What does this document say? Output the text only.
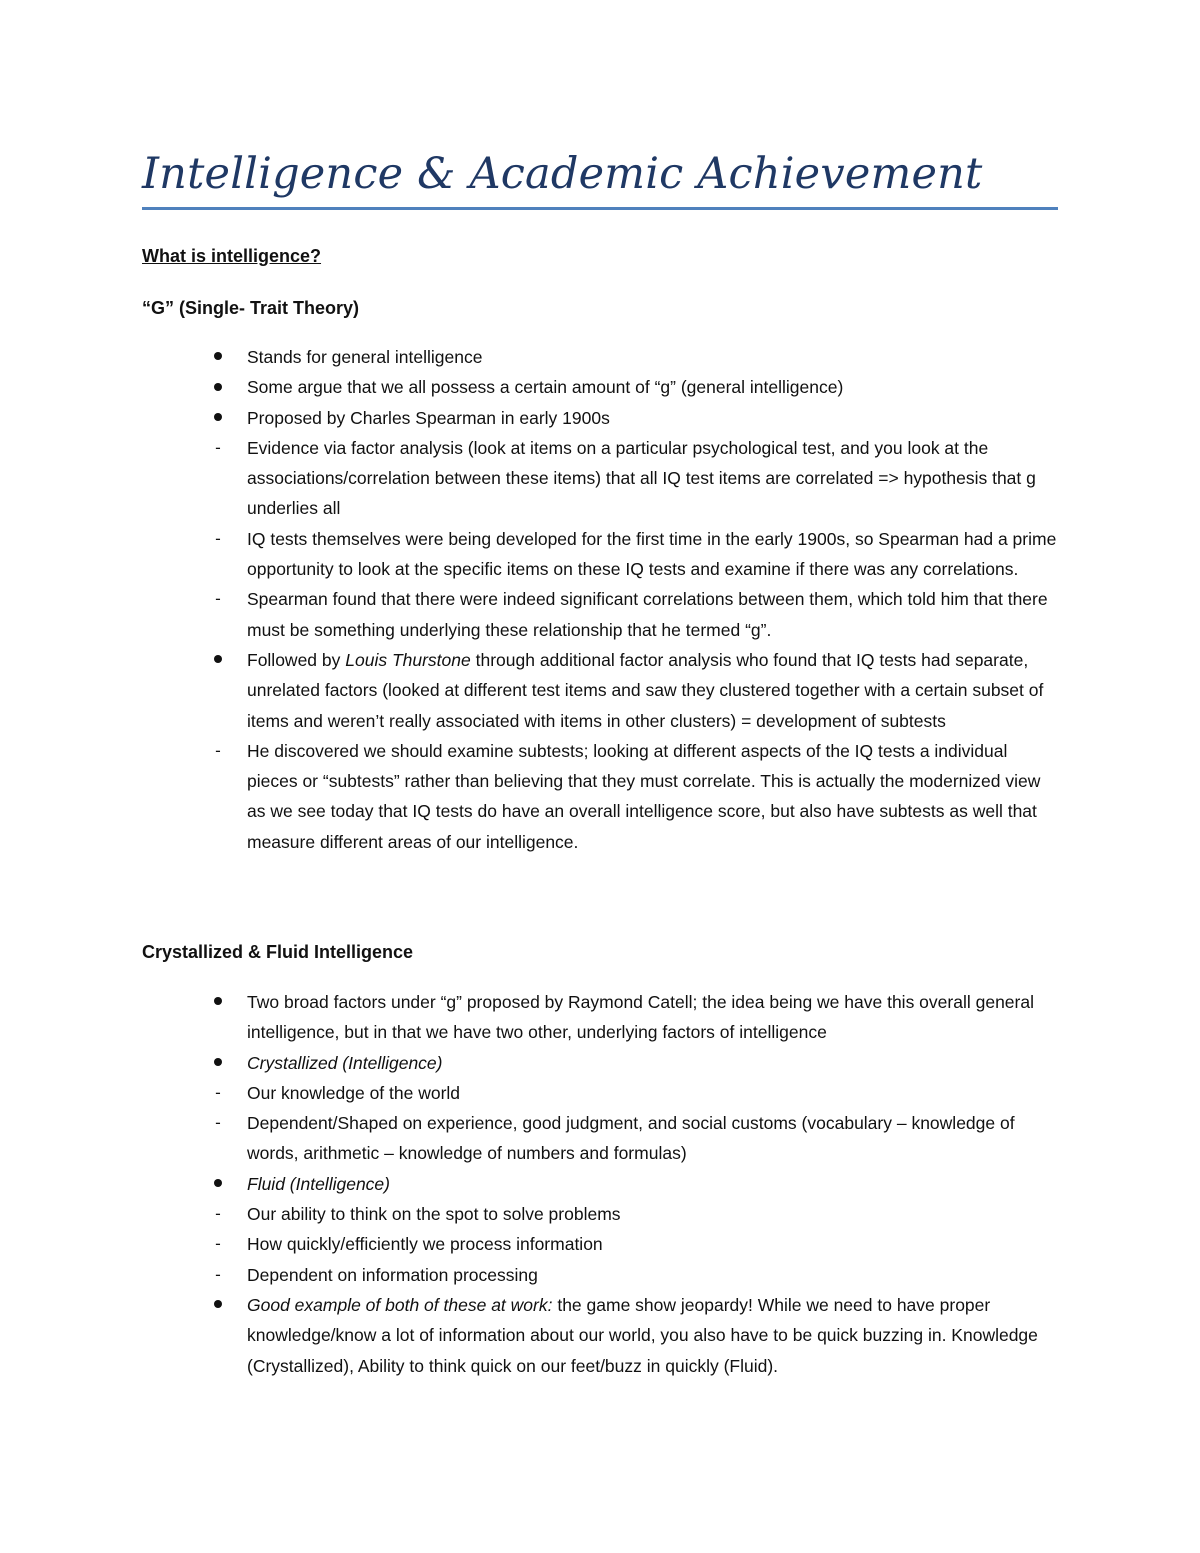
Intelligence & Academic Achievement
What is intelligence?
“G” (Single- Trait Theory)
Stands for general intelligence
Some argue that we all possess a certain amount of “g” (general intelligence)
Proposed by Charles Spearman in early 1900s
-	Evidence via factor analysis (look at items on a particular psychological test, and you look at the associations/correlation between these items) that all IQ test items are correlated => hypothesis that g underlies all
-	IQ tests themselves were being developed for the first time in the early 1900s, so Spearman had a prime opportunity to look at the specific items on these IQ tests and examine if there was any correlations.
-	Spearman found that there were indeed significant correlations between them, which told him that there must be something underlying these relationship that he termed “g”.
Followed by Louis Thurstone through additional factor analysis who found that IQ tests had separate, unrelated factors (looked at different test items and saw they clustered together with a certain subset of items and weren’t really associated with items in other clusters) = development of subtests
-	He discovered we should examine subtests; looking at different aspects of the IQ tests a individual pieces or “subtests” rather than believing that they must correlate. This is actually the modernized view as we see today that IQ tests do have an overall intelligence score, but also have subtests as well that measure different areas of our intelligence.
Crystallized & Fluid Intelligence
Two broad factors under “g” proposed by Raymond Catell; the idea being we have this overall general intelligence, but in that we have two other, underlying factors of intelligence
Crystallized (Intelligence)
-	Our knowledge of the world
-	Dependent/Shaped on experience, good judgment, and social customs (vocabulary – knowledge of words, arithmetic – knowledge of numbers and formulas)
Fluid (Intelligence)
-	Our ability to think on the spot to solve problems
-	How quickly/efficiently we process information
-	Dependent on information processing
Good example of both of these at work: the game show jeopardy! While we need to have proper knowledge/know a lot of information about our world, you also have to be quick buzzing in. Knowledge (Crystallized), Ability to think quick on our feet/buzz in quickly (Fluid).
